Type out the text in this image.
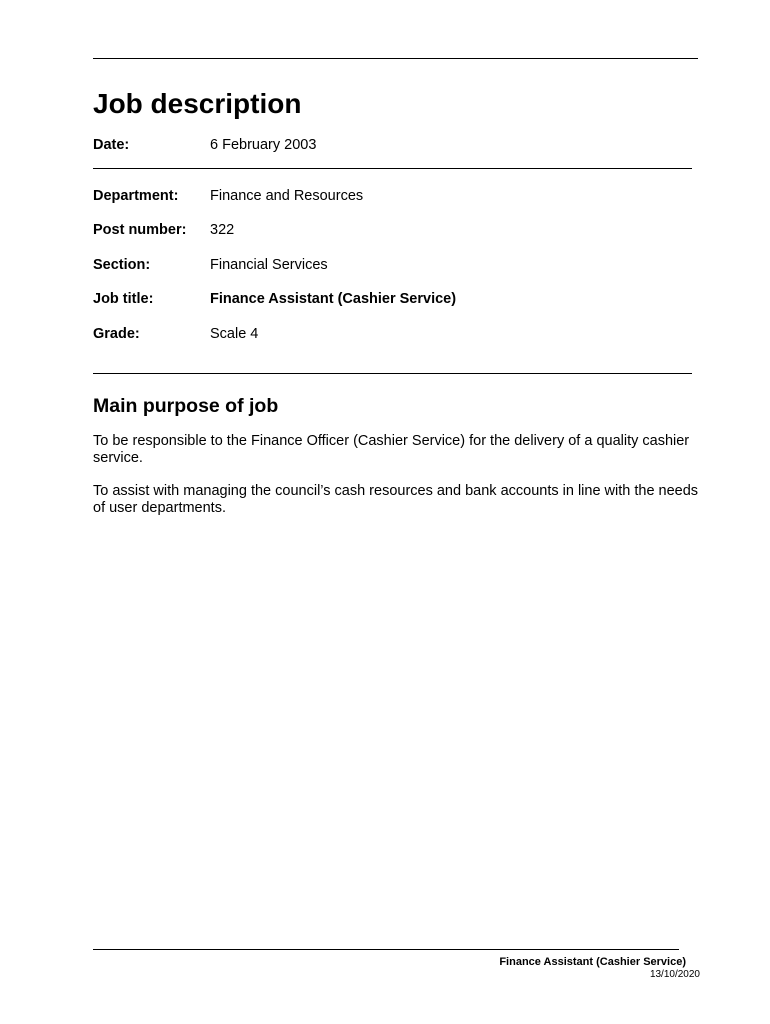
Job description
Date:	6 February 2003
Department: Finance and Resources
Post number: 322
Section:	Financial Services
Job title:	Finance Assistant (Cashier Service)
Grade:	Scale 4
Main purpose of job

To be responsible to the Finance Officer (Cashier Service) for the delivery of a quality cashier service.

To assist with managing the council’s cash resources and bank accounts in line with the needs of user departments.

Finance Assistant (Cashier Service)
13/10/2020
